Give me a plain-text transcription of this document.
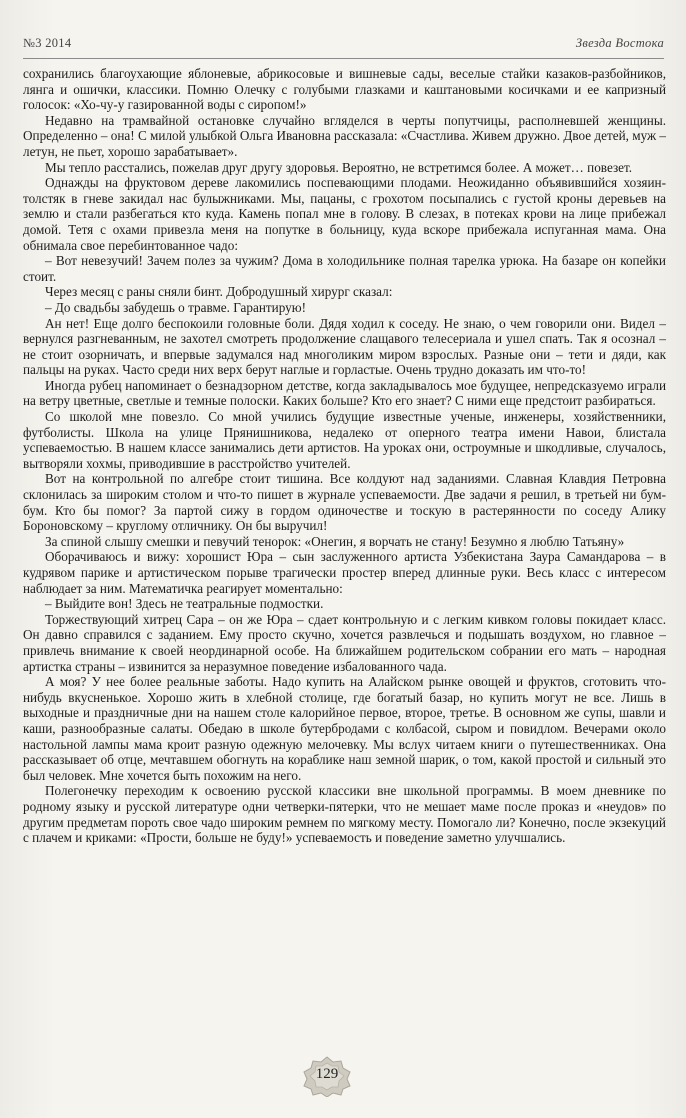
№3 2014	Звезда Востока

сохранились благоухающие яблоневые, абрикосовые и вишневые сады, веселые стайки казаков-разбойников, лянга и ошички, классики. Помню Олечку с голубыми глазками и каштановыми косичками и ее капризный голосок: «Хо-чу-у газированной воды с сиропом!»

Недавно на трамвайной остановке случайно вгляделся в черты попутчицы, располневшей женщины. Определенно – она! С милой улыбкой Ольга Ивановна рассказала: «Счастлива. Живем дружно. Двое детей, муж – летун, не пьет, хорошо зарабатывает».

Мы тепло расстались, пожелав друг другу здоровья. Вероятно, не встретимся более. А может… повезет.

Однажды на фруктовом дереве лакомились поспевающими плодами. Неожиданно объявившийся хозяин-толстяк в гневе закидал нас булыжниками. Мы, пацаны, с грохотом посыпались с густой кроны деревьев на землю и стали разбегаться кто куда. Камень попал мне в голову. В слезах, в потеках крови на лице прибежал домой. Тетя с охами привезла меня на попутке в больницу, куда вскоре прибежала испуганная мама. Она обнимала свое перебинтованное чадо:

– Вот невезучий! Зачем полез за чужим? Дома в холодильнике полная тарелка урюка. На базаре он копейки стоит.

Через месяц с раны сняли бинт. Добродушный хирург сказал:

– До свадьбы забудешь о травме. Гарантирую!

Ан нет! Еще долго беспокоили головные боли. Дядя ходил к соседу. Не знаю, о чем говорили они. Видел – вернулся разгневанным, не захотел смотреть продолжение слащавого телесериала и ушел спать. Так я осознал – не стоит озорничать, и впервые задумался над многоликим миром взрослых. Разные они – тети и дяди, как пальцы на руках. Часто среди них верх берут наглые и горластые. Очень трудно доказать им что-то!

Иногда рубец напоминает о безнадзорном детстве, когда закладывалось мое будущее, непредсказуемо играли на ветру цветные, светлые и темные полоски. Каких больше? Кто его знает? С ними еще предстоит разбираться.

Со школой мне повезло. Со мной учились будущие известные ученые, инженеры, хозяйственники, футболисты. Школа на улице Прянишникова, недалеко от оперного театра имени Навои, блистала успеваемостью. В нашем классе занимались дети артистов. На уроках они, остроумные и шкодливые, случалось, вытворяли хохмы, приводившие в расстройство учителей.

Вот на контрольной по алгебре стоит тишина. Все колдуют над заданиями. Славная Клавдия Петровна склонилась за широким столом и что-то пишет в журнале успеваемости. Две задачи я решил, в третьей ни бум-бум. Кто бы помог? За партой сижу в гордом одиночестве и тоскую в растерянности по соседу Алику Бороновскому – круглому отличнику. Он бы выручил!

За спиной слышу смешки и певучий тенорок: «Онегин, я ворчать не стану! Безумно я люблю Татьяну»

Оборачиваюсь и вижу: хорошист Юра – сын заслуженного артиста Узбекистана Заура Самандарова – в кудрявом парике и артистическом порыве трагически простер вперед длинные руки. Весь класс с интересом наблюдает за ним. Математичка реагирует моментально:

– Выйдите вон! Здесь не театральные подмостки.

Торжествующий хитрец Сара – он же Юра – сдает контрольную и с легким кивком головы покидает класс. Он давно справился с заданием. Ему просто скучно, хочется развлечься и подышать воздухом, но главное – привлечь внимание к своей неординарной особе. На ближайшем родительском собрании его мать – народная артистка страны – извинится за неразумное поведение избалованного чада.

А моя? У нее более реальные заботы. Надо купить на Алайском рынке овощей и фруктов, сготовить что-нибудь вкусненькое. Хорошо жить в хлебной столице, где богатый базар, но купить могут не все. Лишь в выходные и праздничные дни на нашем столе калорийное первое, второе, третье. В основном же супы, шавли и каши, разнообразные салаты. Обедаю в школе бутербродами с колбасой, сыром и повидлом. Вечерами около настольной лампы мама кроит разную одежную мелочевку. Мы вслух читаем книги о путешественниках. Она рассказывает об отце, мечтавшем обогнуть на кораблике наш земной шарик, о том, какой простой и сильный это был человек. Мне хочется быть похожим на него.

Полегонечку переходим к освоению русской классики вне школьной программы. В моем дневнике по родному языку и русской литературе одни четверки-пятерки, что не мешает маме после проказ и «неудов» по другим предметам пороть свое чадо широким ремнем по мягкому месту. Помогало ли? Конечно, после экзекуций с плачем и криками: «Прости, больше не буду!» успеваемость и поведение заметно улучшались.

129
